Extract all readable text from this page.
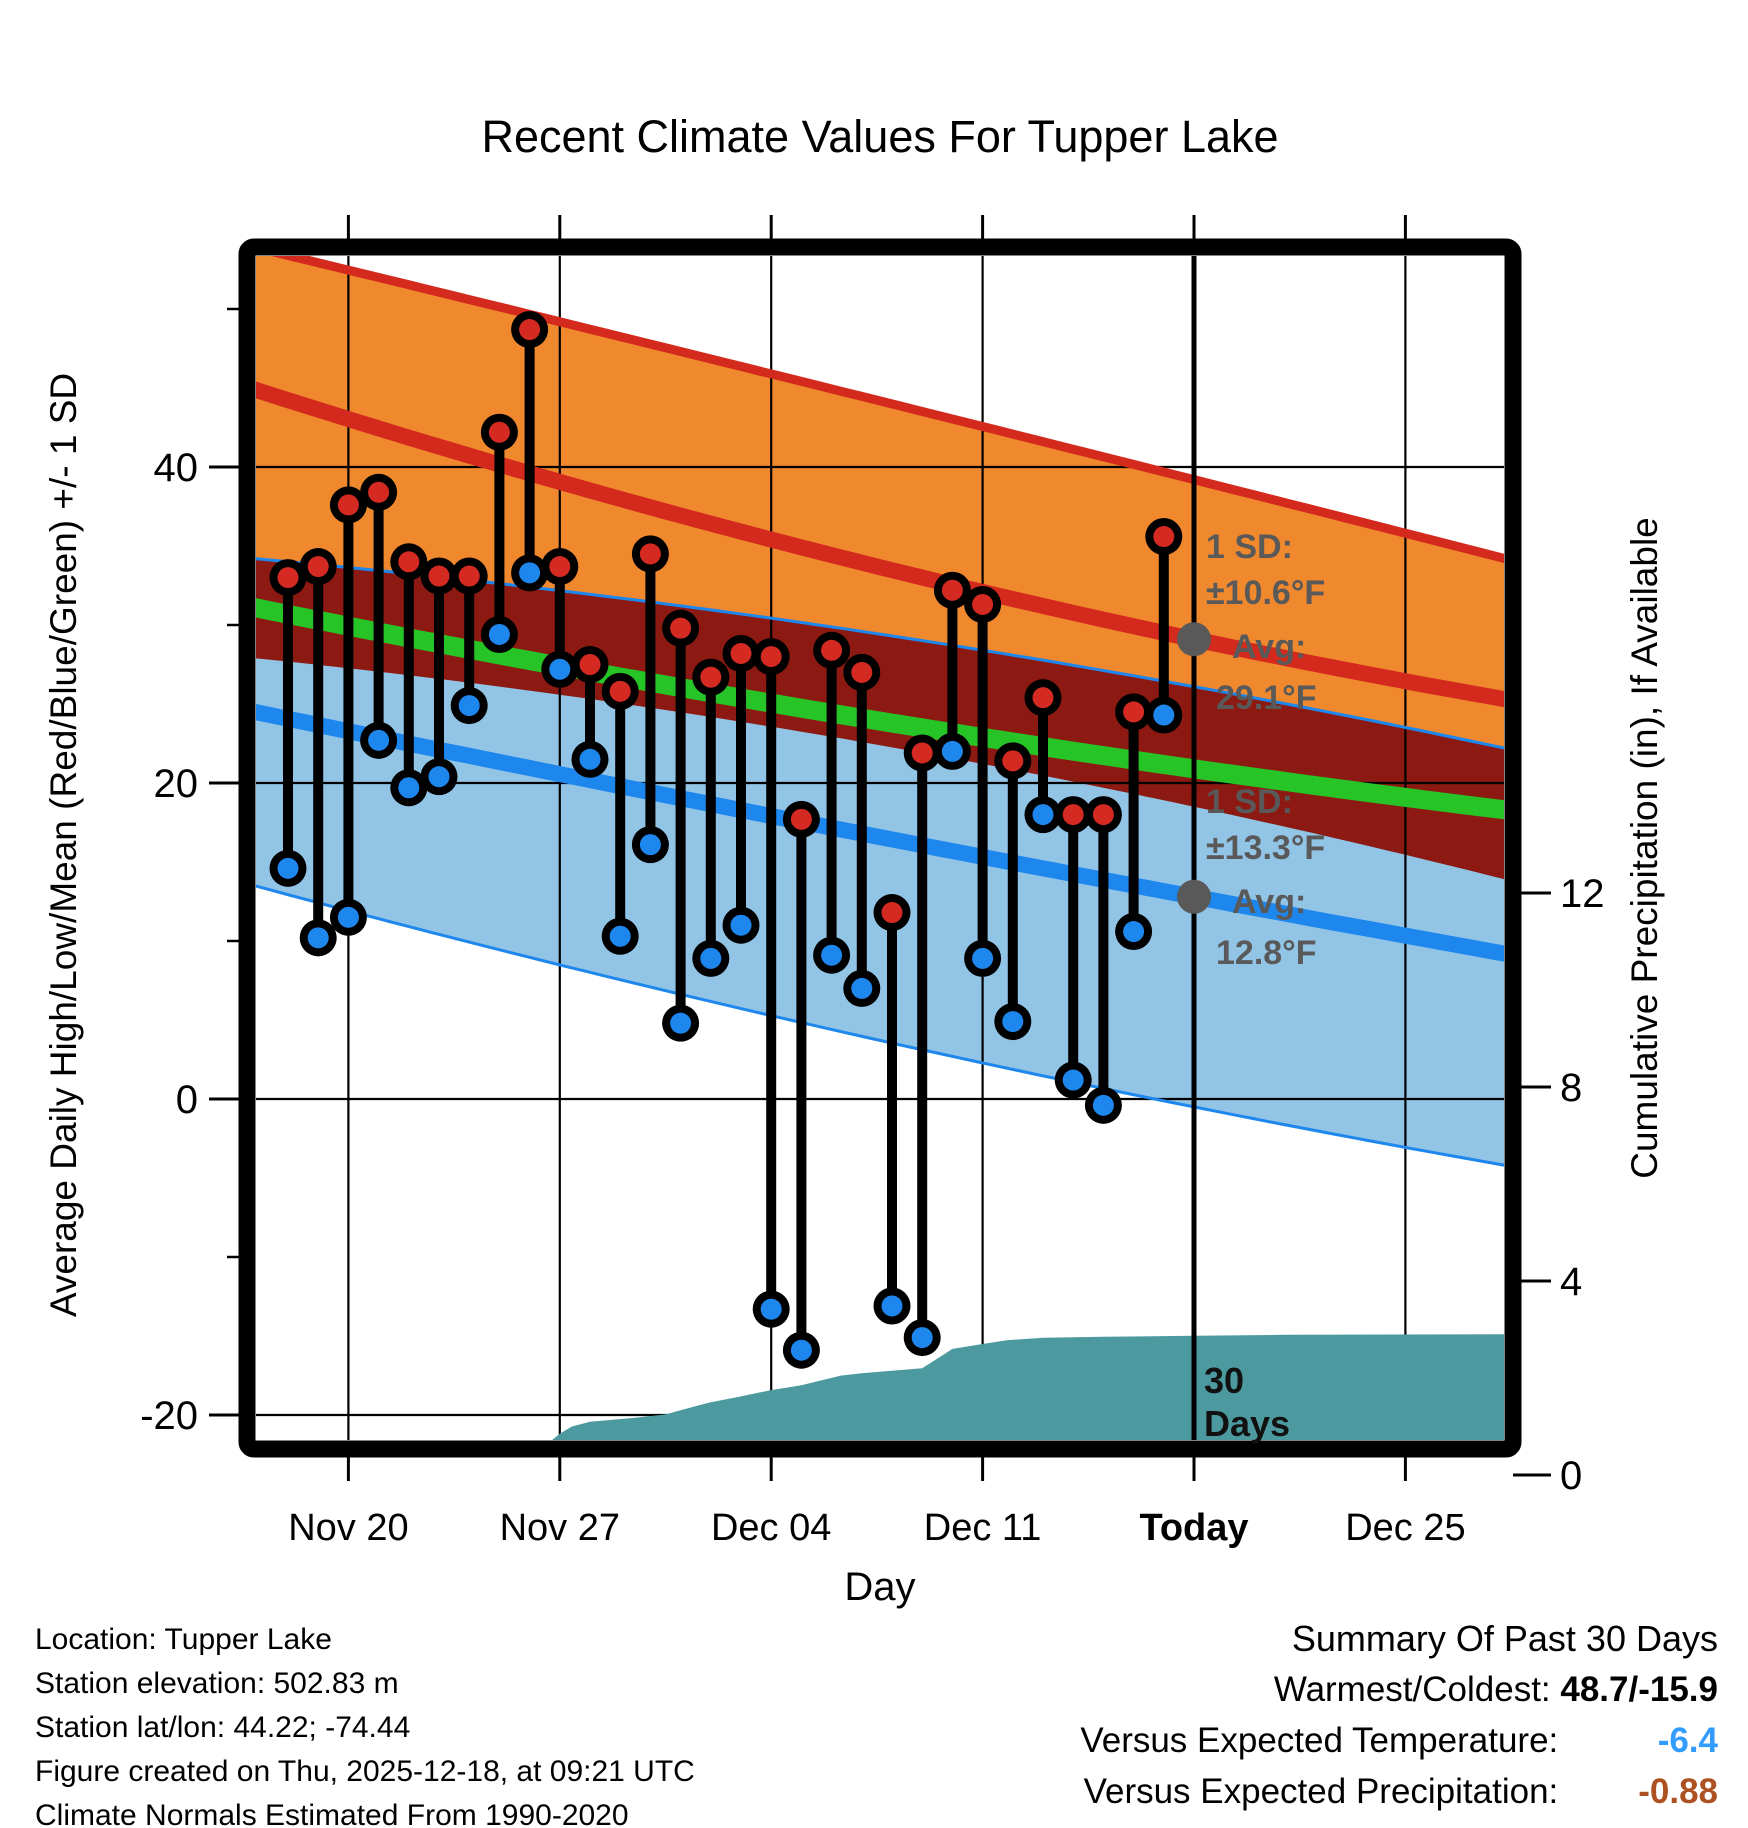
40
20
0
-20
12
8
4
0
Nov 20 Nov 27 Dec 04 Dec 11	Today	Dec 25
Recent Climate Values For Tupper Lake
Average Daily High/Low/Mean (Red/Blue/Green) +/- 1 SD	Cumulative Precipitation (in), If Available
Day
1 SD:
±10.6°F
Avg:
29.1°F
1 SD:
±13.3°F
Avg:
12.8°F
30
Days
Location: Tupper Lake
Station elevation: 502.83 m
Station lat/lon: 44.22; -74.44
Figure created on Thu, 2025-12-18, at 09:21 UTC
Climate Normals Estimated From 1990-2020
Summary Of Past 30 Days
Warmest/Coldest: 48.7/-15.9
Versus Expected Temperature:	-6.4
Versus Expected Precipitation: -0.88
